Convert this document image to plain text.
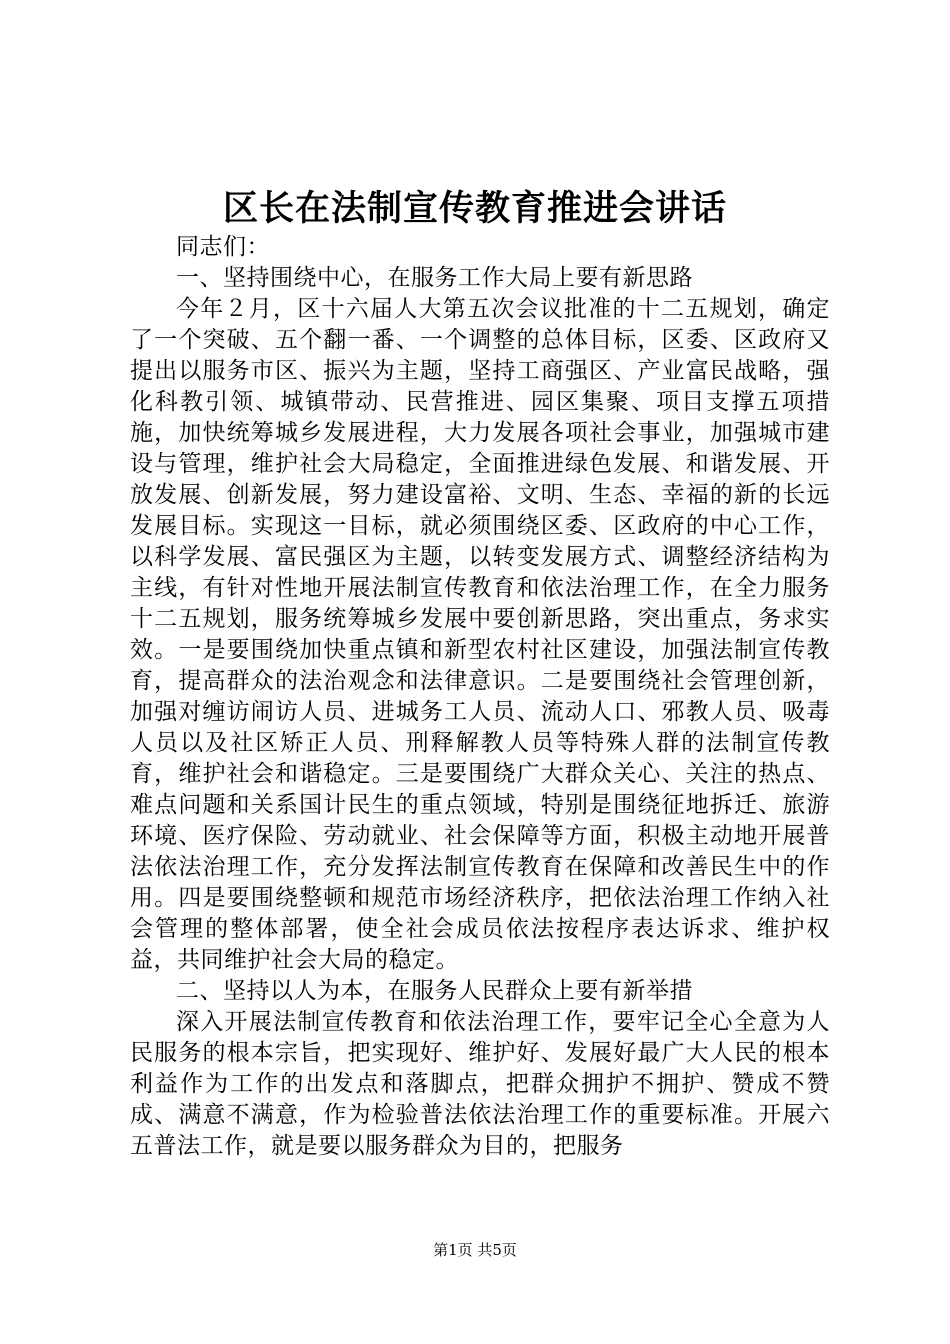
区长在法制宣传教育推进会讲话

同志们：

一、坚持围绕中心，在服务工作大局上要有新思路

今年２月，区十六届人大第五次会议批准的十二五规划，确定了一个突破、五个翻一番、一个调整的总体目标，区委、区政府又提出以服务市区、振兴为主题，坚持工商强区、产业富民战略，强化科教引领、城镇带动、民营推进、园区集聚、项目支撑五项措施，加快统筹城乡发展进程，大力发展各项社会事业，加强城市建设与管理，维护社会大局稳定，全面推进绿色发展、和谐发展、开放发展、创新发展，努力建设富裕、文明、生态、幸福的新的长远发展目标。实现这一目标，就必须围绕区委、区政府的中心工作，以科学发展、富民强区为主题，以转变发展方式、调整经济结构为主线，有针对性地开展法制宣传教育和依法治理工作，在全力服务十二五规划，服务统筹城乡发展中要创新思路，突出重点，务求实效。一是要围绕加快重点镇和新型农村社区建设，加强法制宣传教育，提高群众的法治观念和法律意识。二是要围绕社会管理创新，加强对缠访闹访人员、进城务工人员、流动人口、邪教人员、吸毒人员以及社区矫正人员、刑释解教人员等特殊人群的法制宣传教育，维护社会和谐稳定。三是要围绕广大群众关心、关注的热点、难点问题和关系国计民生的重点领域，特别是围绕征地拆迁、旅游环境、医疗保险、劳动就业、社会保障等方面，积极主动地开展普法依法治理工作，充分发挥法制宣传教育在保障和改善民生中的作用。四是要围绕整顿和规范市场经济秩序，把依法治理工作纳入社会管理的整体部署，使全社会成员依法按程序表达诉求、维护权益，共同维护社会大局的稳定。

二、坚持以人为本，在服务人民群众上要有新举措

深入开展法制宣传教育和依法治理工作，要牢记全心全意为人民服务的根本宗旨，把实现好、维护好、发展好最广大人民的根本利益作为工作的出发点和落脚点，把群众拥护不拥护、赞成不赞成、满意不满意，作为检验普法依法治理工作的重要标准。开展六五普法工作，就是要以服务群众为目的，把服务

第1页 共5页
